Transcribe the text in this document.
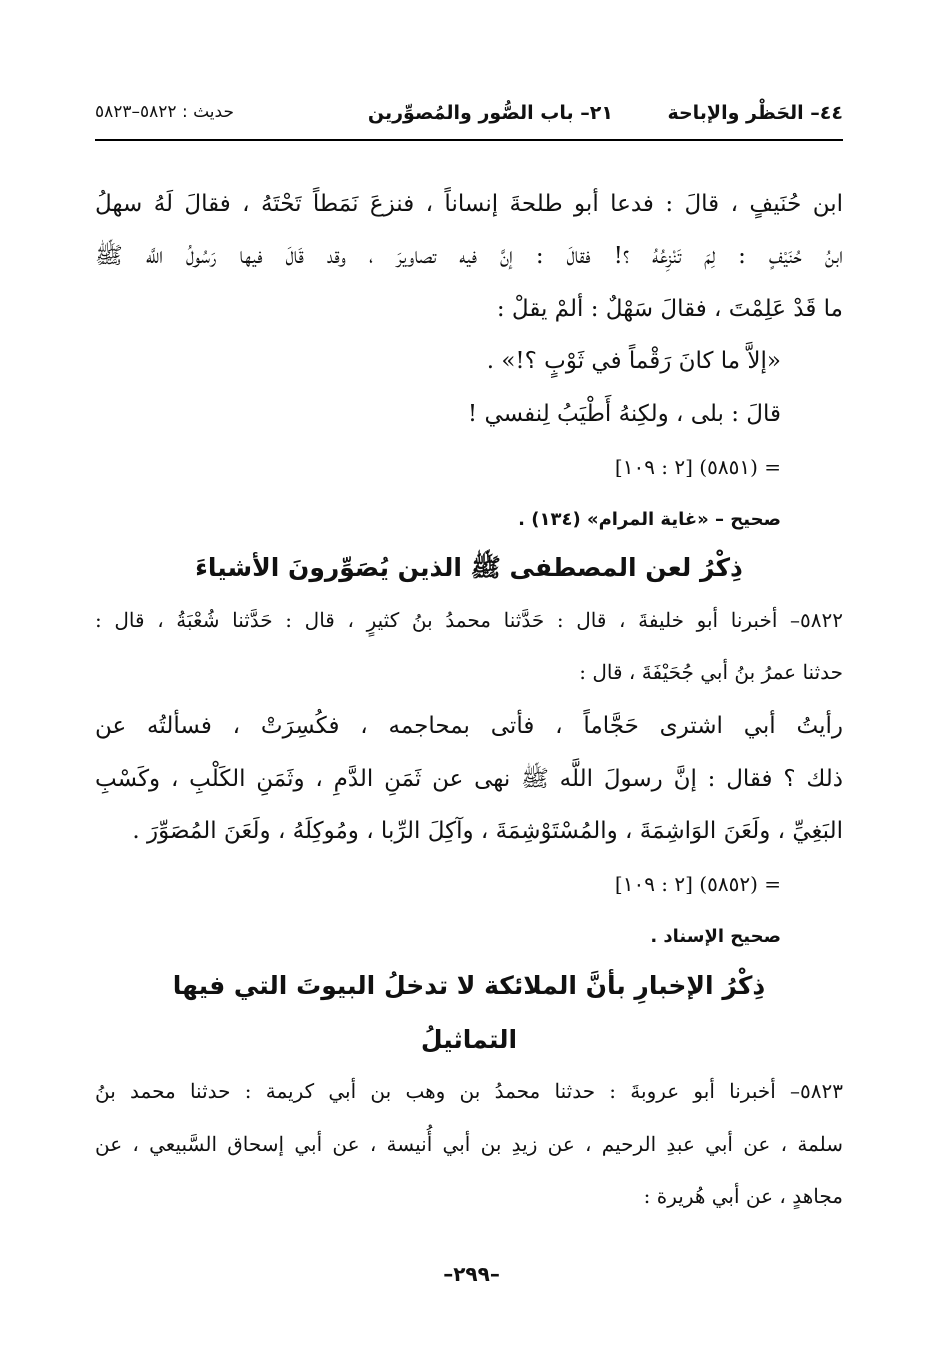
٤٤– الحَظْر والإباحة
٢١– باب الصُّور والمُصوِّرين
حديث : ٥٨٢٢–٥٨٢٣
ابن حُنَيفٍ ، قالَ : فدعا أبو طلحةَ إنساناً ، فنزعَ نَمَطاً تَحْتَهُ ، فقالَ لَهُ سهلُ
ابنُ حُنَيْفٍ : لِمَ تَنْزِعُهُ ؟! فقالَ : إنَّ فيه تصاويرَ ، وقد قَالَ فيها رَسُولُ اللَّه ﷺ
ما قَدْ عَلِمْتَ ، فقالَ سَهْلٌ : ألمْ يقلْ :
«إلاَّ ما كانَ رَقْماً في ثَوْبٍ ؟!» .
قالَ : بلى ، ولكِنهُ أَطْيَبُ لِنفسي !
= (٥٨٥١) [٢ : ١٠٩]
صحيح – «غاية المرام» (١٣٤) .
ذِكْرُ لعن المصطفى ﷺ الذين يُصَوِّرونَ الأشياءَ
٥٨٢٢– أخبرنا أبو خليفةَ ، قال : حَدَّثنا محمدُ بنُ كثيرٍ ، قال : حَدَّثنا شُعْبَةُ ، قال :
حدثنا عمرُ بنُ أبي جُحَيْفَةَ ، قال :
رأيتُ أبي اشترى حَجَّاماً ، فأتى بمحاجمه ، فكُسِرَتْ ، فسألتُه عن
ذلك ؟ فقال : إنَّ رسولَ اللَّه ﷺ نهى عن ثَمَنِ الدَّمِ ، وثَمَنِ الكَلْبِ ، وكَسْبِ
البَغِيِّ ، ولَعَنَ الوَاشِمَةَ ، والمُسْتَوْشِمَةَ ، وآكِلَ الرِّبا ، ومُوكِلَهُ ، ولَعَنَ المُصَوِّرَ .
= (٥٨٥٢) [٢ : ١٠٩]
صحيح الإسناد .
ذِكْرُ الإخبارِ بأنَّ الملائكة لا تدخلُ البيوتَ التي فيها
التماثيلُ
٥٨٢٣– أخبرنا أبو عروبةَ : حدثنا محمدُ بن وهب بن أبي كريمة : حدثنا محمد بنُ
سلمة ، عن أبي عبدِ الرحيم ، عن زيدِ بن أبي أُنيسة ، عن أبي إسحاق السَّبيعي ، عن
مجاهدٍ ، عن أبي هُريرة :
–٢٩٩–
